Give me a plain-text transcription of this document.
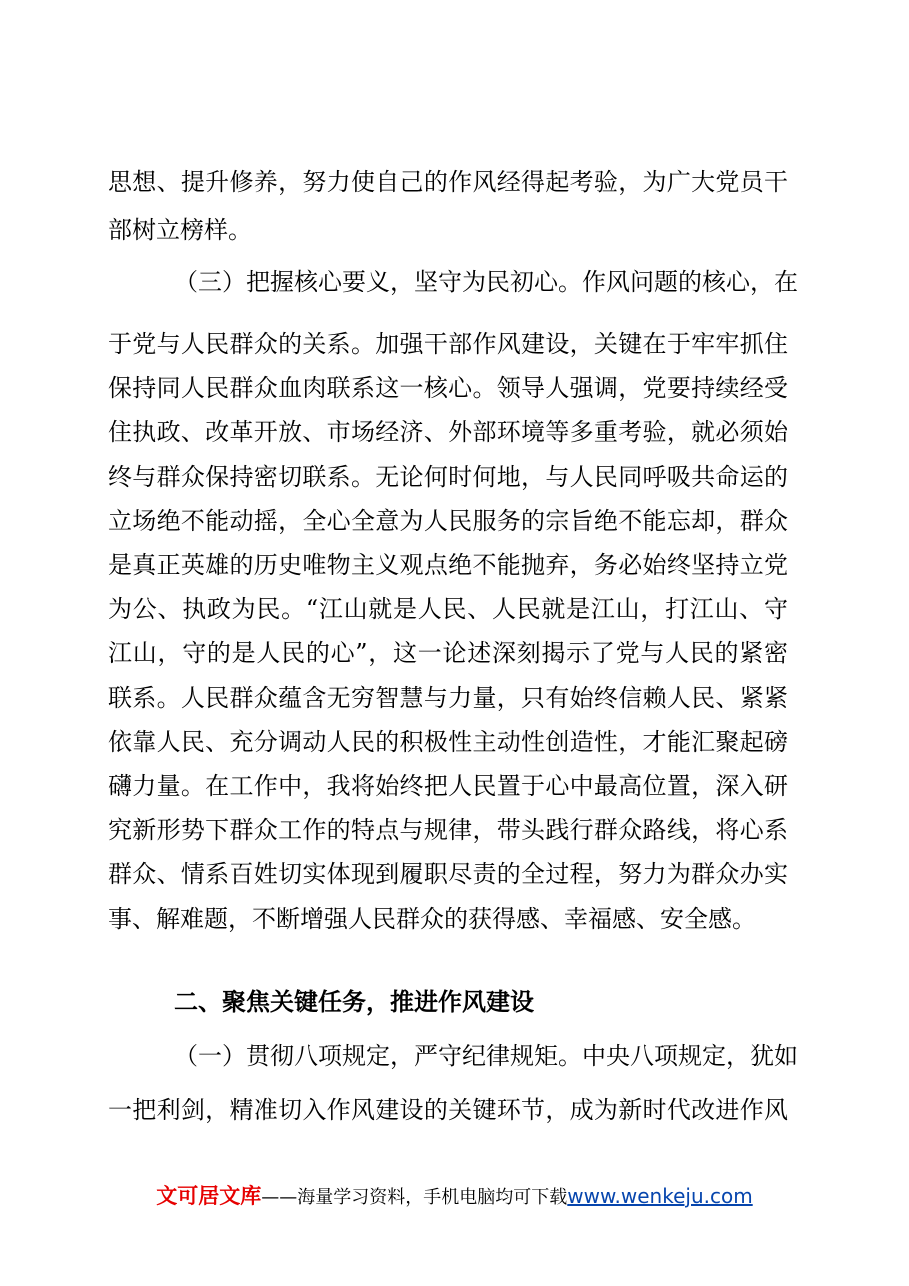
思想、提升修养，努力使自己的作风经得起考验，为广大党员干
部树立榜样。
（三）把握核心要义，坚守为民初心。作风问题的核心，在
二、聚焦关键任务，推进作风建设
（一）贯彻八项规定，严守纪律规矩。中央八项规定，犹如
一把利剑，精准切入作风建设的关键环节，成为新时代改进作风
文可居文库——海量学习资料，手机电脑均可下载www.wenkeju.com
于党与人民群众的关系。加强干部作风建设，关键在于牢牢抓住
保持同人民群众血肉联系这一核心。领导人强调，党要持续经受
住执政、改革开放、市场经济、外部环境等多重考验，就必须始
终与群众保持密切联系。无论何时何地，与人民同呼吸共命运的
立场绝不能动摇，全心全意为人民服务的宗旨绝不能忘却，群众
是真正英雄的历史唯物主义观点绝不能抛弃，务必始终坚持立党
为公、执政为民。“江山就是人民、人民就是江山，打江山、守
江山，守的是人民的心”，这一论述深刻揭示了党与人民的紧密
联系。人民群众蕴含无穷智慧与力量，只有始终信赖人民、紧紧
依靠人民、充分调动人民的积极性主动性创造性，才能汇聚起磅
礴力量。在工作中，我将始终把人民置于心中最高位置，深入研
究新形势下群众工作的特点与规律，带头践行群众路线，将心系
群众、情系百姓切实体现到履职尽责的全过程，努力为群众办实
事、解难题，不断增强人民群众的获得感、幸福感、安全感。
